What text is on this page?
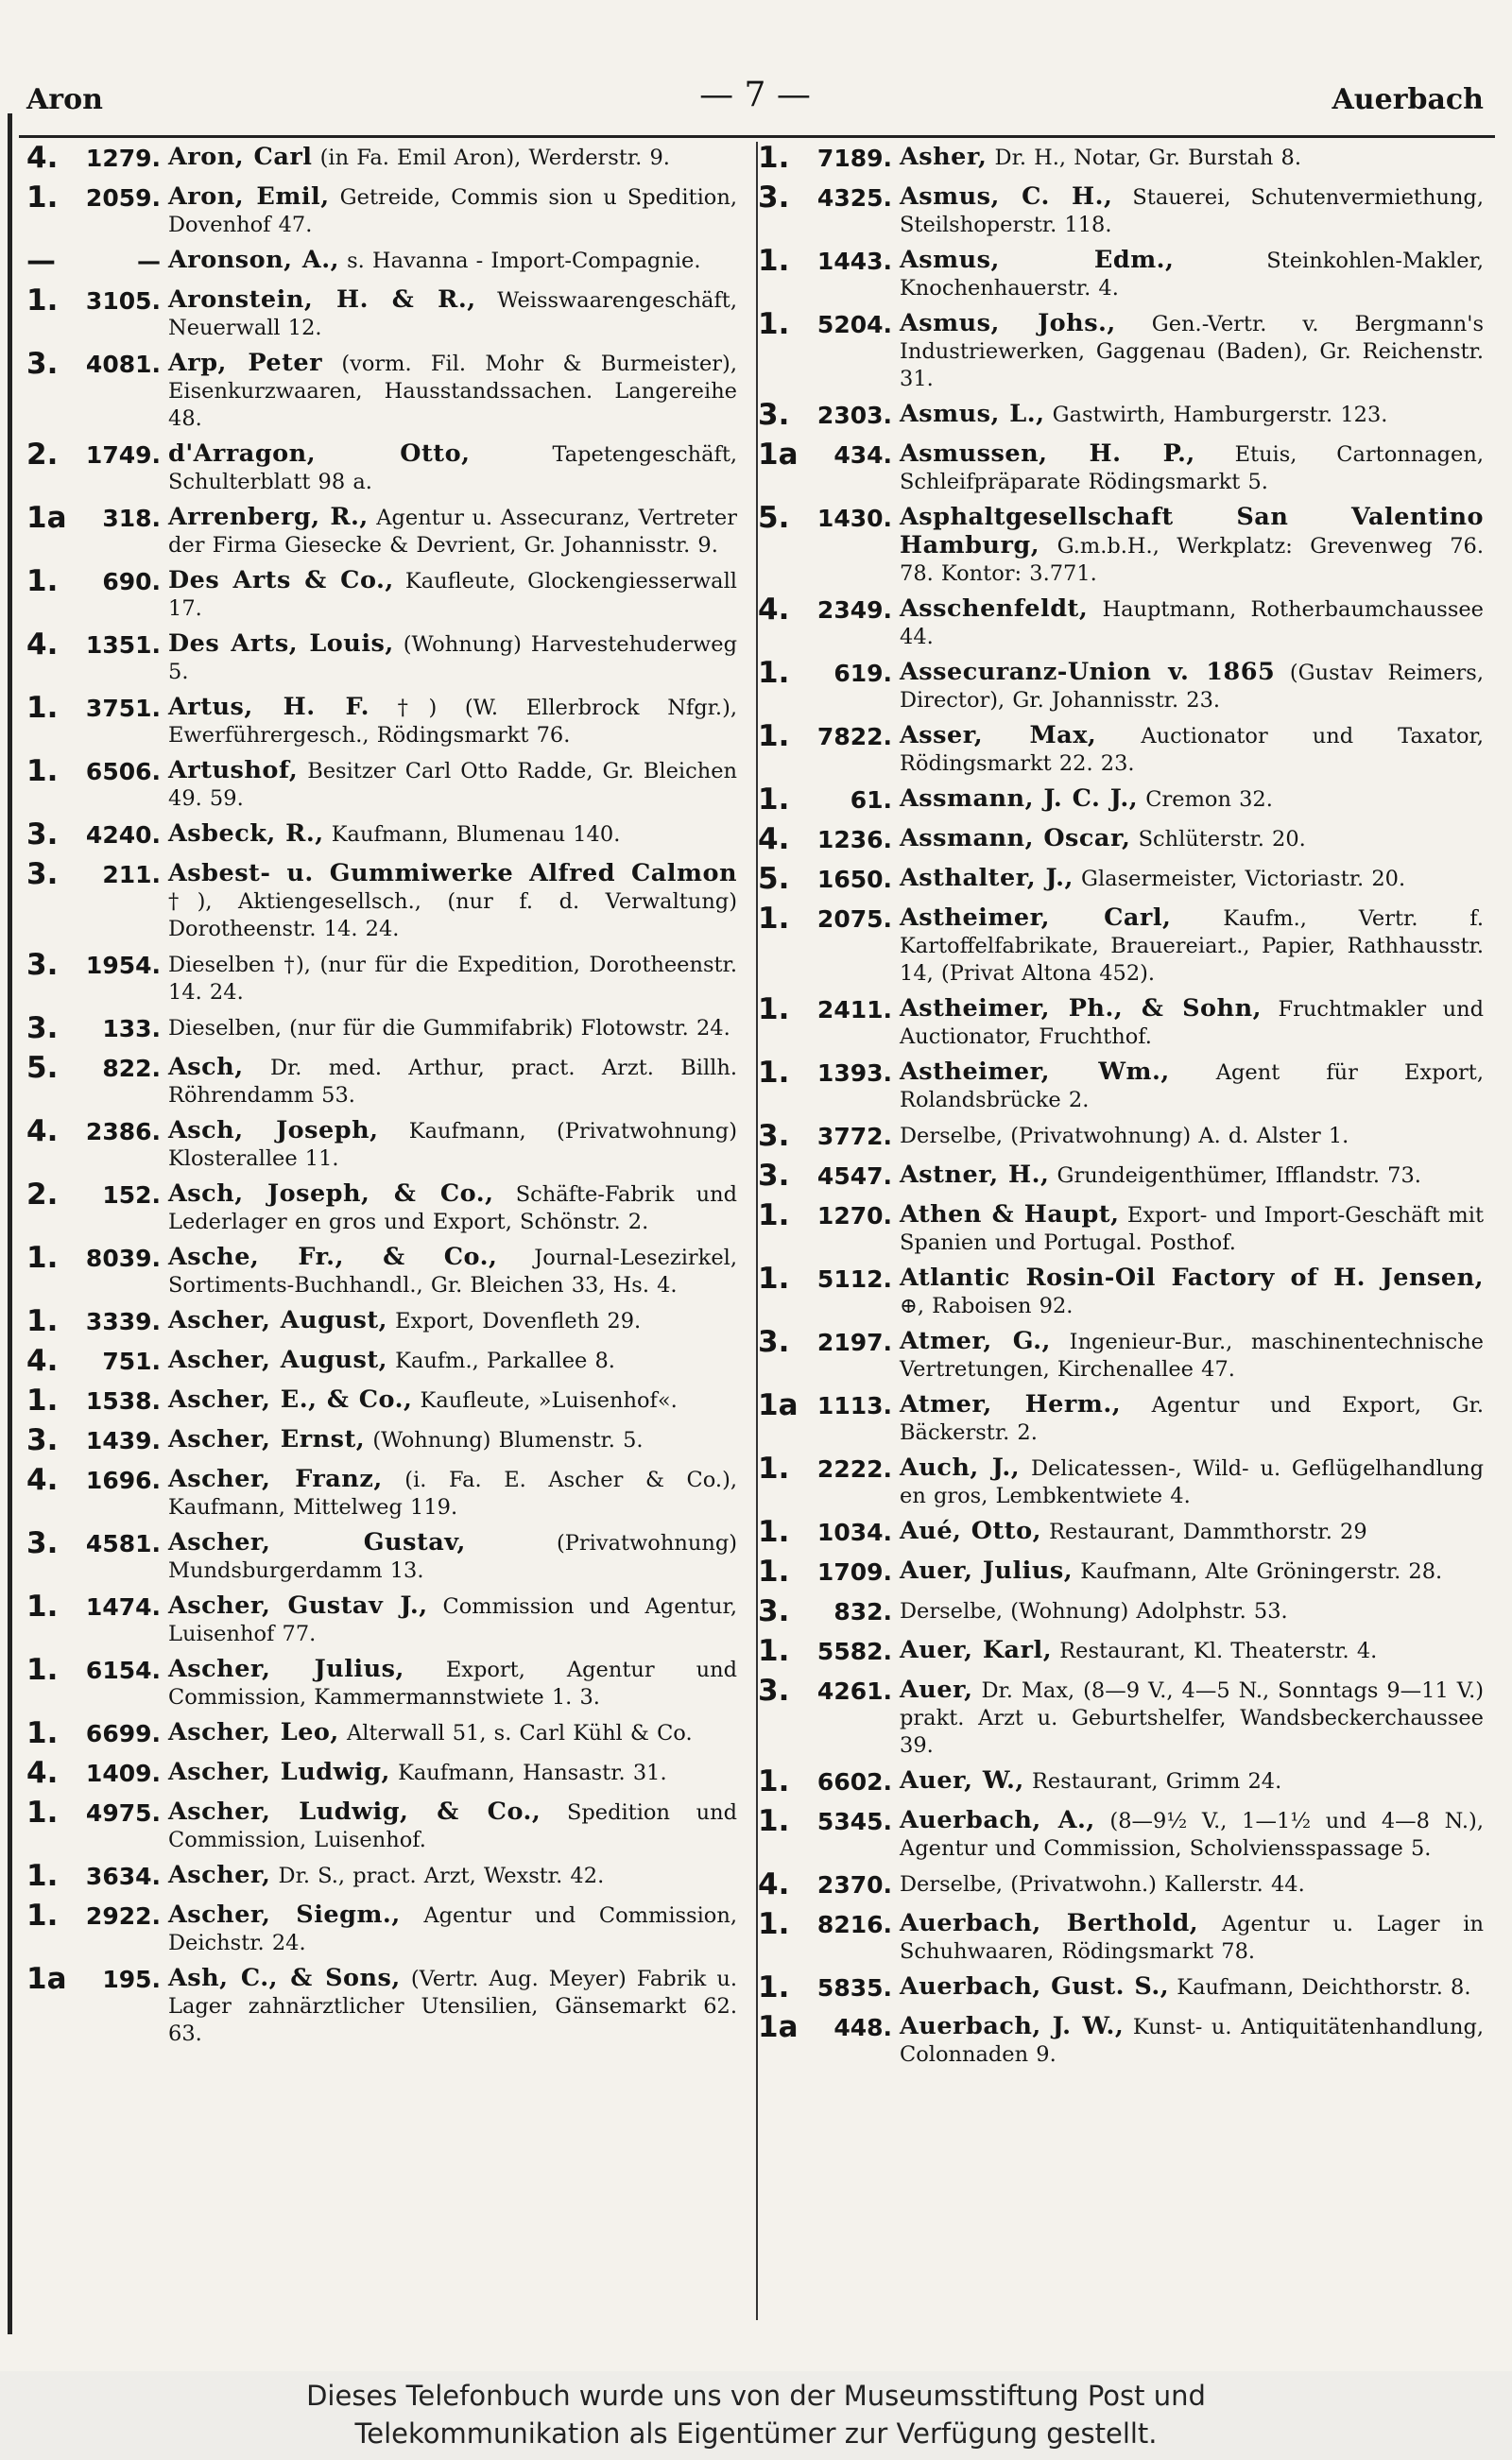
Aron	— 7 —	Auerbach
4.	1279. Aron, Carl (in Fa. Emil Aron), Werderstr. 9.
1.	2059. Aron, Emil, Getreide, Commis sion u Spedition, Dovenhof 47.
—	— Aronson, A., s. Havanna - Import-Compagnie.
1.	3105. Aronstein, H. & R., Weisswaarengeschäft, Neuerwall 12.
3.	4081. Arp, Peter (vorm. Fil. Mohr & Burmeister), Eisenkurzwaaren, Hausstandssachen. Langereihe 48.
2.	1749. d'Arragon, Otto, Tapetengeschäft, Schulterblatt 98 a.
1a	318. Arrenberg, R., Agentur u. Assecuranz, Vertreter der Firma Giesecke & Devrient, Gr. Johannisstr. 9.
1.	690. Des Arts & Co., Kaufleute, Glockengiesserwall 17.
4.	1351. Des Arts, Louis, (Wohnung) Harvestehuderweg 5.
1.	3751. Artus, H. F. †) (W. Ellerbrock Nfgr.), Ewerführergesch., Rödingsmarkt 76.
1.	6506. Artushof, Besitzer Carl Otto Radde, Gr. Bleichen 49. 59.
3.	4240. Asbeck, R., Kaufmann, Blumenau 140.
3.	211. Asbest- u. Gummiwerke Alfred Calmon †), Aktiengesellsch., (nur f. d. Verwaltung) Dorotheenstr. 14. 24.
3.	1954. Dieselben †), (nur für die Expedition, Dorotheenstr. 14. 24.
3.	133. Dieselben, (nur für die Gummifabrik) Flotowstr. 24.
5.	822. Asch, Dr. med. Arthur, pract. Arzt. Billh. Röhrendamm 53.
4.	2386. Asch, Joseph, Kaufmann, (Privatwohnung) Klosterallee 11.
2.	152. Asch, Joseph, & Co., Schäfte-Fabrik und Lederlager en gros und Export, Schönstr. 2.
1.	8039. Asche, Fr., & Co., Journal-Lesezirkel, Sortiments-Buchhandl., Gr. Bleichen 33, Hs. 4.
1.	3339. Ascher, August, Export, Dovenfleth 29.
4.	751. Ascher, August, Kaufm., Parkallee 8.
1.	1538. Ascher, E., & Co., Kaufleute, »Luisenhof«.
3.	1439. Ascher, Ernst, (Wohnung) Blumenstr. 5.
4.	1696. Ascher, Franz, (i. Fa. E. Ascher & Co.), Kaufmann, Mittelweg 119.
3.	4581. Ascher, Gustav, (Privatwohnung) Mundsburgerdamm 13.
1.	1474. Ascher, Gustav J., Commission und Agentur, Luisenhof 77.
1.	6154. Ascher, Julius, Export, Agentur und Commission, Kammermannstwiete 1. 3.
1.	6699. Ascher, Leo, Alterwall 51, s. Carl Kühl & Co.
4.	1409. Ascher, Ludwig, Kaufmann, Hansastr. 31.
1.	4975. Ascher, Ludwig, & Co., Spedition und Commission, Luisenhof.
1.	3634. Ascher, Dr. S., pract. Arzt, Wexstr. 42.
1.	2922. Ascher, Siegm., Agentur und Commission, Deichstr. 24.
1a	195. Ash, C., & Sons, (Vertr. Aug. Meyer) Fabrik u. Lager zahnärztlicher Utensilien, Gänsemarkt 62. 63.
1.	7189. Asher, Dr. H., Notar, Gr. Burstah 8.
3.	4325. Asmus, C. H., Stauerei, Schutenvermiethung, Steilshoperstr. 118.
1.	1443. Asmus, Edm., Steinkohlen-Makler, Knochenhauerstr. 4.
1.	5204. Asmus, Johs., Gen.-Vertr. v. Bergmann's Industriewerken, Gaggenau (Baden), Gr. Reichenstr. 31.
3.	2303. Asmus, L., Gastwirth, Hamburgerstr. 123.
1a	434. Asmussen, H. P., Etuis, Cartonnagen, Schleifpräparate Rödingsmarkt 5.
5.	1430. Asphaltgesellschaft San Valentino Hamburg, G.m.b.H., Werkplatz: Grevenweg 76. 78. Kontor: 3.771.
4.	2349. Asschenfeldt, Hauptmann, Rotherbaumchaussee 44.
1.	619. Assecuranz-Union v. 1865 (Gustav Reimers, Director), Gr. Johannisstr. 23.
1.	7822. Asser, Max, Auctionator und Taxator, Rödingsmarkt 22. 23.
1.	61. Assmann, J. C. J., Cremon 32.
4.	1236. Assmann, Oscar, Schlüterstr. 20.
5.	1650. Asthalter, J., Glasermeister, Victoriastr. 20.
1.	2075. Astheimer, Carl, Kaufm., Vertr. f. Kartoffelfabrikate, Brauereiart., Papier, Rathhausstr. 14, (Privat Altona 452).
1.	2411. Astheimer, Ph., & Sohn, Fruchtmakler und Auctionator, Fruchthof.
1.	1393. Astheimer, Wm., Agent für Export, Rolandsbrücke 2.
3.	3772. Derselbe, (Privatwohnung) A. d. Alster 1.
3.	4547. Astner, H., Grundeigenthümer, Ifflandstr. 73.
1.	1270. Athen & Haupt, Export- und Import-Geschäft mit Spanien und Portugal. Posthof.
1.	5112. Atlantic Rosin-Oil Factory of H. Jensen, ⊕, Raboisen 92.
3.	2197. Atmer, G., Ingenieur-Bur., maschinentechnische Vertretungen, Kirchenallee 47.
1a 1113. Atmer, Herm., Agentur und Export, Gr. Bäckerstr. 2.
1.	2222. Auch, J., Delicatessen-, Wild- u. Geflügelhandlung en gros, Lembkentwiete 4.
1.	1034. Aué, Otto, Restaurant, Dammthorstr. 29
1.	1709. Auer, Julius, Kaufmann, Alte Gröningerstr. 28.
3.	832. Derselbe, (Wohnung) Adolphstr. 53.
1.	5582. Auer, Karl, Restaurant, Kl. Theaterstr. 4.
3.	4261. Auer, Dr. Max, (8—9 V., 4—5 N., Sonntags 9—11 V.) prakt. Arzt u. Geburtshelfer, Wandsbeckerchaussee 39.
1.	6602. Auer, W., Restaurant, Grimm 24.
1.	5345. Auerbach, A., (8—9½ V., 1—1½ und 4—8 N.), Agentur und Commission, Scholviensspassage 5.
4.	2370. Derselbe, (Privatwohn.) Kallerstr. 44.
1.	8216. Auerbach, Berthold, Agentur u. Lager in Schuhwaaren, Rödingsmarkt 78.
1.	5835. Auerbach, Gust. S., Kaufmann, Deichthorstr. 8.
1a	448. Auerbach, J. W., Kunst- u. Antiquitätenhandlung, Colonnaden 9.
Dieses Telefonbuch wurde uns von der Museumsstiftung Post und
Telekommunikation als Eigentümer zur Verfügung gestellt.
